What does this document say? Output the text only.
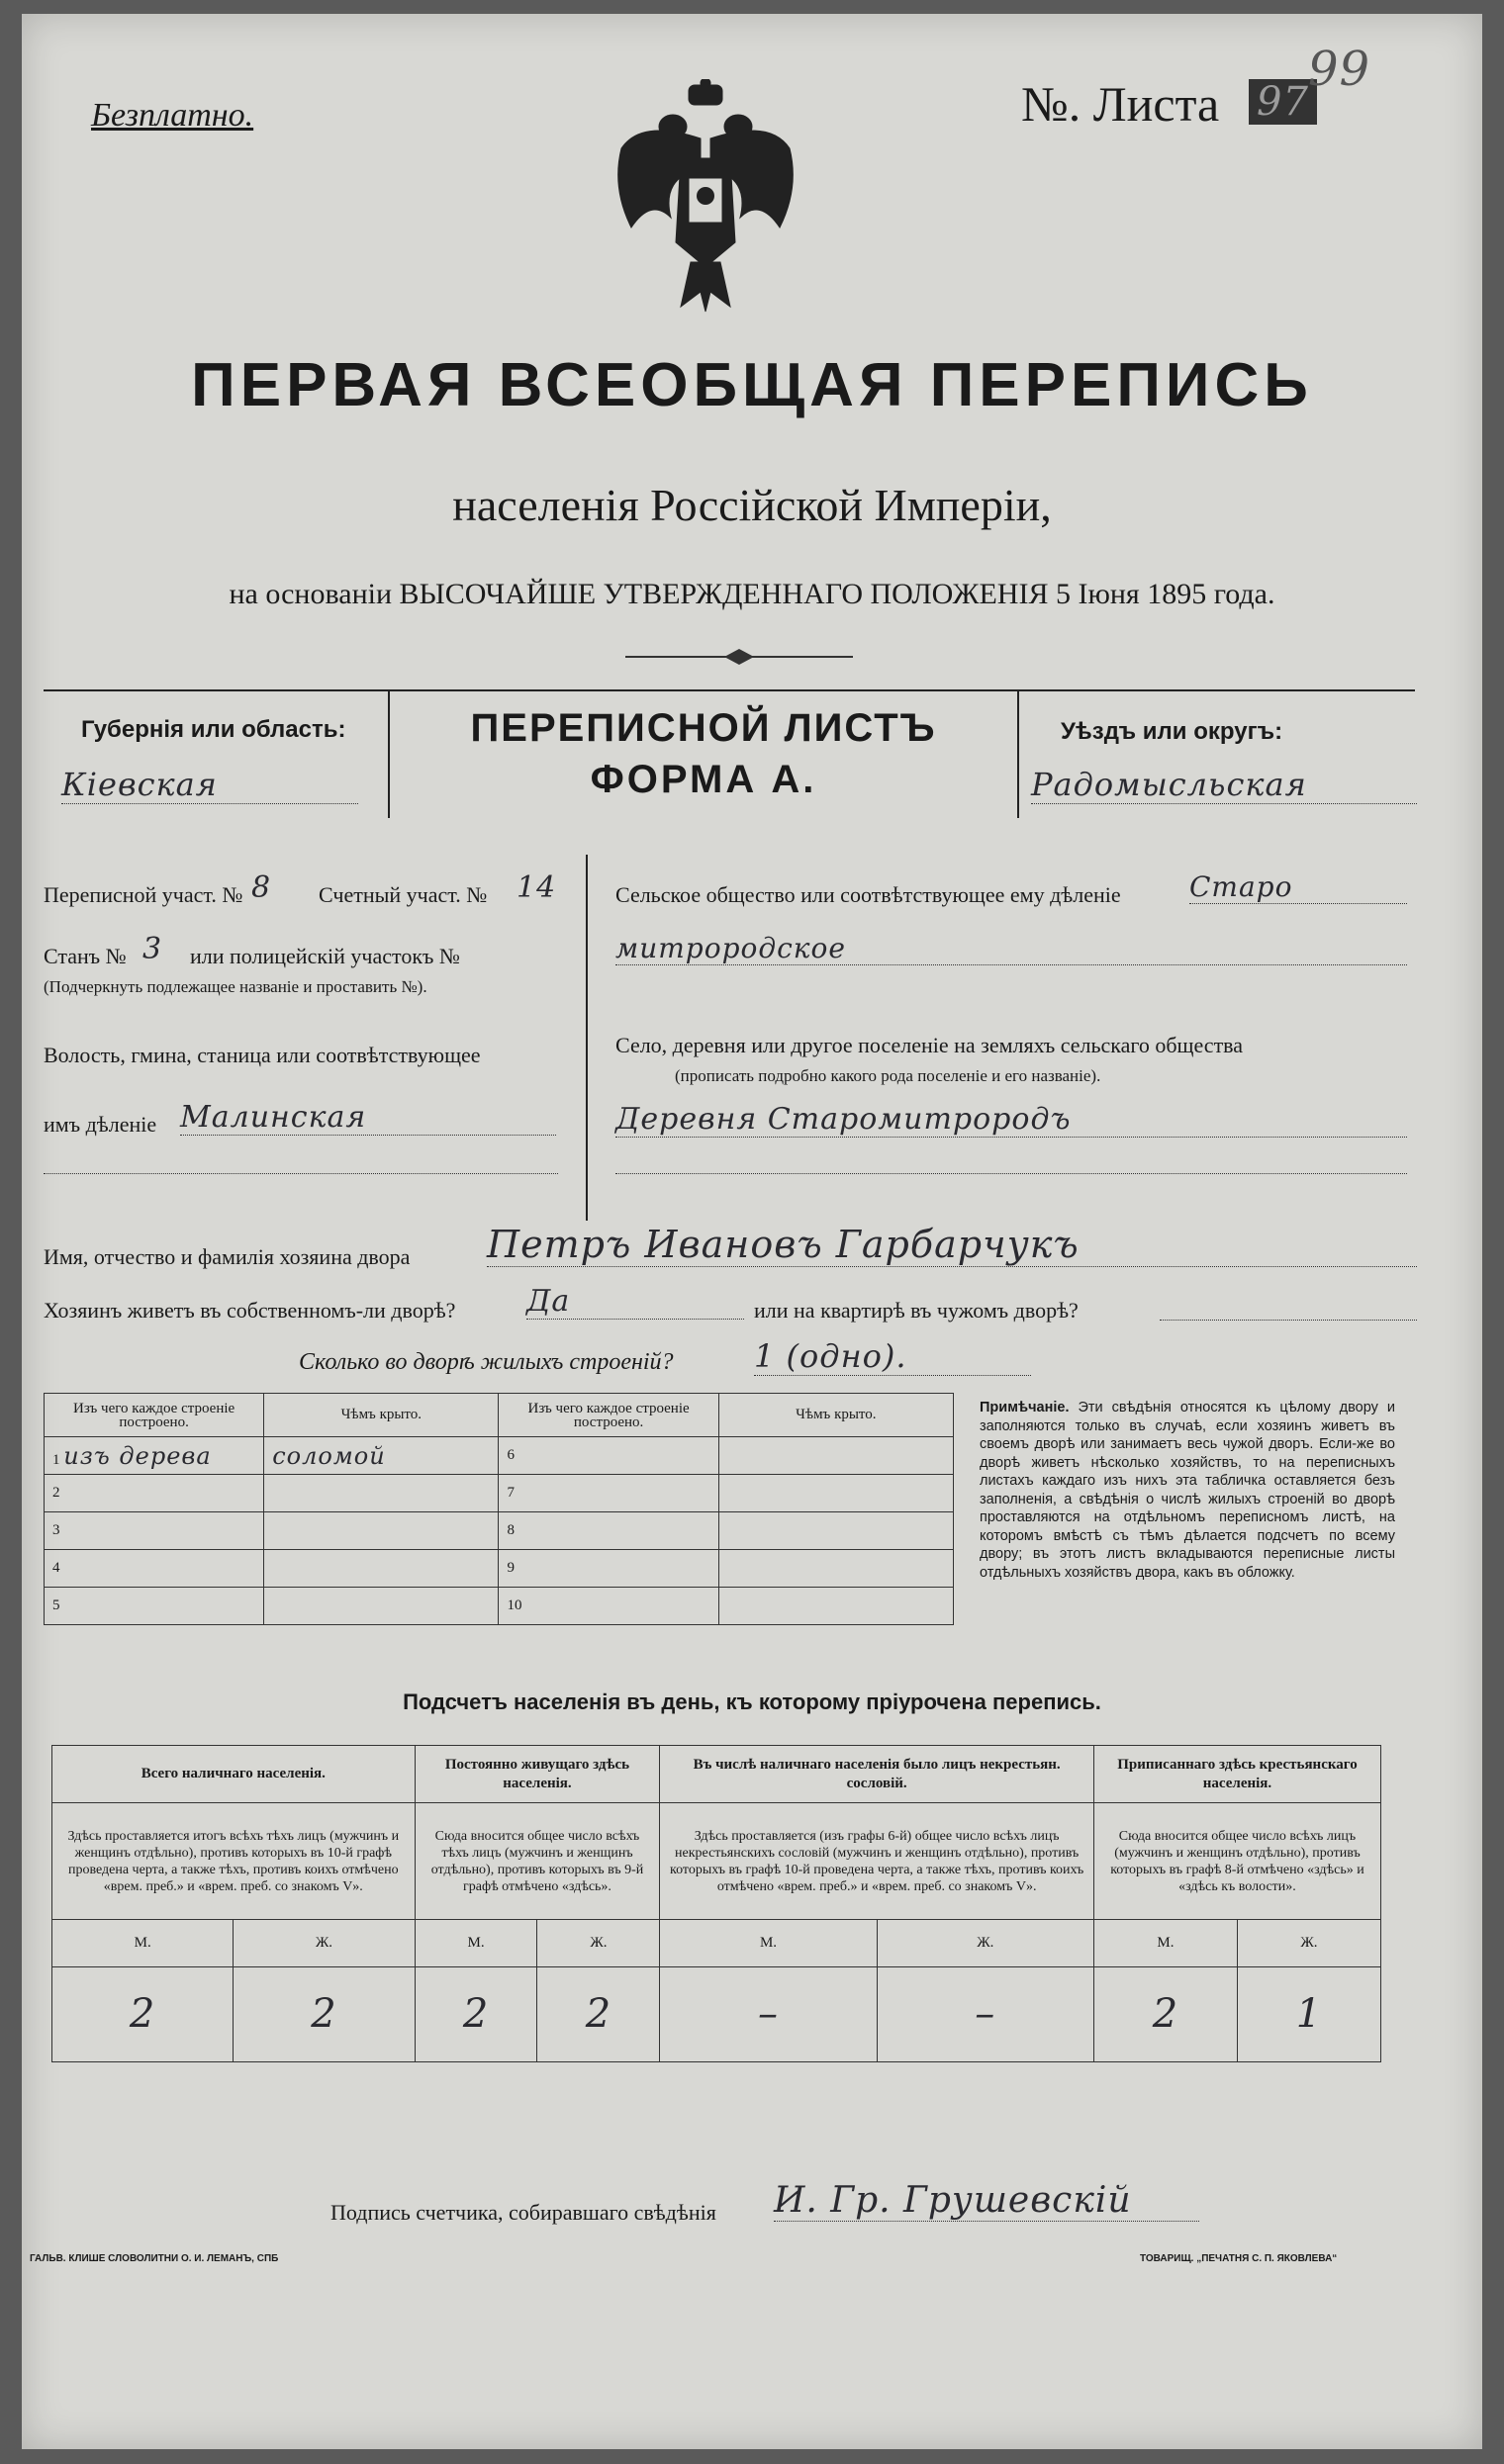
Безплатно.	№. Листа 97
99
ПЕРВАЯ ВСЕОБЩАЯ ПЕРЕПИСЬ
населенія Россійской Имперіи,
на основаніи ВЫСОЧАЙШЕ УТВЕРЖДЕННАГО ПОЛОЖЕНІЯ 5 Іюня 1895 года.
Губернія или область:
Кіевская
ПЕРЕПИСНОЙ ЛИСТЪ
ФОРМА А.
Уѣздъ или округъ:
Радомысльская
Переписной участ. № 8 Счетный участ. № 14
Станъ № 3 или полицейскій участокъ №
(Подчеркнуть подлежащее названіе и проставить №).
Волость, гмина, станица или соотвѣтствующее
имъ дѣленіе Малинская
Сельское общество или соотвѣтствующее ему дѣленіе Старо
митрородское
Село, деревня или другое поселеніе на земляхъ сельскаго общества
(прописать подробно какого рода поселеніе и его названіе).
Деревня Старомитрородъ
Имя, отчество и фамилія хозяина двора Петръ Ивановъ Гарбарчукъ
Хозяинъ живетъ въ собственномъ-ли дворѣ? Да	или на квартирѣ въ чужомъ дворѣ?
Сколько во дворѣ жилыхъ строеній?	1 (одно).
Изъ чего каждое строеніе построено.	Чѣмъ крыто.	Изъ чего каждое строеніе построено.	Чѣмъ крыто.
1 изъ дерева	соломой	6	
2		7	
3		8	
4		9	
5		10	
Примѣчаніе. Эти свѣдѣнія относятся къ цѣлому двору и заполняются только въ случаѣ, если хозяинъ живетъ въ своемъ дворѣ или занимаетъ весь чужой дворъ. Если-же во дворѣ живетъ нѣсколько хозяйствъ, то на переписныхъ листахъ каждаго изъ нихъ эта табличка оставляется безъ заполненія, а свѣдѣнія о числѣ жилыхъ строеній во дворѣ проставляются на отдѣльномъ переписномъ листѣ, на которомъ вмѣстѣ съ тѣмъ дѣлается подсчетъ по всему двору; въ этотъ листъ вкладываются переписные листы отдѣльныхъ хозяйствъ двора, какъ въ обложку.
Подсчетъ населенія въ день, къ которому пріурочена перепись.
Всего наличнаго населенія.		Постоянно живущаго здѣсь населенія.		Въ числѣ наличнаго населенія было лицъ некрестьян. сословій.		Приписаннаго здѣсь крестьянскаго населенія.	
Здѣсь проставляется итогъ всѣхъ тѣхъ лицъ (мужчинъ и женщинъ отдѣльно), противъ которыхъ въ 10-й графѣ проведена черта, а также тѣхъ, противъ коихъ отмѣчено «врем. преб.» и «врем. преб. со знакомъ V».		Сюда вносится общее число всѣхъ тѣхъ лицъ (мужчинъ и женщинъ отдѣльно), противъ которыхъ въ 9-й графѣ отмѣчено «здѣсь».		Здѣсь проставляется (изъ графы 6-й) общее число всѣхъ лицъ некрестьянскихъ сословій (мужчинъ и женщинъ отдѣльно), противъ которыхъ въ графѣ 10-й проведена черта, а также тѣхъ, противъ коихъ отмѣчено «врем. преб.» и «врем. преб. со знакомъ V».		Сюда вносится общее число всѣхъ лицъ (мужчинъ и женщинъ отдѣльно), противъ которыхъ въ графѣ 8-й отмѣчено «здѣсь» и «здѣсь къ волости».	
М.	Ж.	М.	Ж.	М.	Ж.	М.	Ж.
2	2	2	2	–	–	2	1
Подпись счетчика, собиравшаго свѣдѣнія И. Гр. Грушевскій
ГАЛЬВ. КЛИШЕ СЛОВОЛИТНИ О. И. ЛЕМАНЪ, СПБ	ТОВАРИЩ. „ПЕЧАТНЯ С. П. ЯКОВЛЕВА“
